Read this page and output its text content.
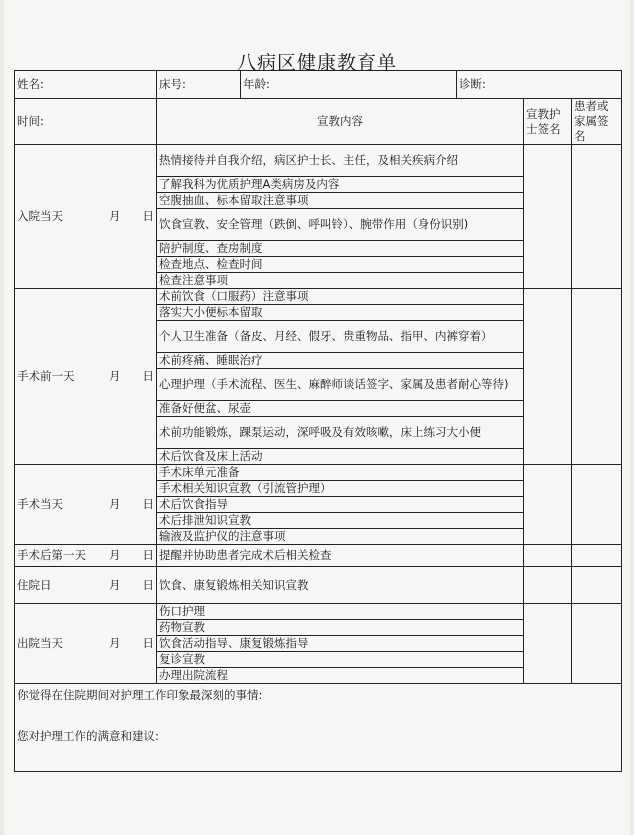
八病区健康教育单
姓名:	床号:	年龄:	诊断:		
时间:	宣教内容			宣教护士签名	患者或家属签名

入院当天 月 日	热情接待并自我介绍，病区护士长、主任，及相关疾病介绍				
	了解我科为优质护理A类病房及内容				
	空腹抽血、标本留取注意事项				
	饮食宣教、安全管理（跌倒、呼叫铃）、腕带作用（身份识别)				
	陪护制度、查房制度				
	检查地点、检查时间				
	检查注意事项				

手术前一天 月 日	术前饮食（口服药）注意事项				
	落实大小便标本留取				
	个人卫生准备（备皮、月经、假牙、贵重物品、指甲、内裤穿着）				
	术前疼痛、睡眠治疗				
	心理护理（手术流程、医生、麻醉师谈话签字、家属及患者耐心等待)				
	准备好便盆、尿壶				
	术前功能锻炼，踝泵运动，深呼吸及有效咳嗽，床上练习大小便				
	术后饮食及床上活动				

手术当天 月 日	手术床单元准备				
	手术相关知识宣教（引流管护理）				
	术后饮食指导				
	术后排泄知识宣教				
	输液及监护仪的注意事项				

手术后第一天 月 日	提醒并协助患者完成术后相关检查				

住院日 月 日	饮食、康复锻炼相关知识宣教				

出院当天 月 日	伤口护理				
	药物宣教				
	饮食活动指导、康复锻炼指导				
	复诊宣教				
	办理出院流程				

你觉得在住院期间对护理工作印象最深刻的事情:
您对护理工作的满意和建议:					
